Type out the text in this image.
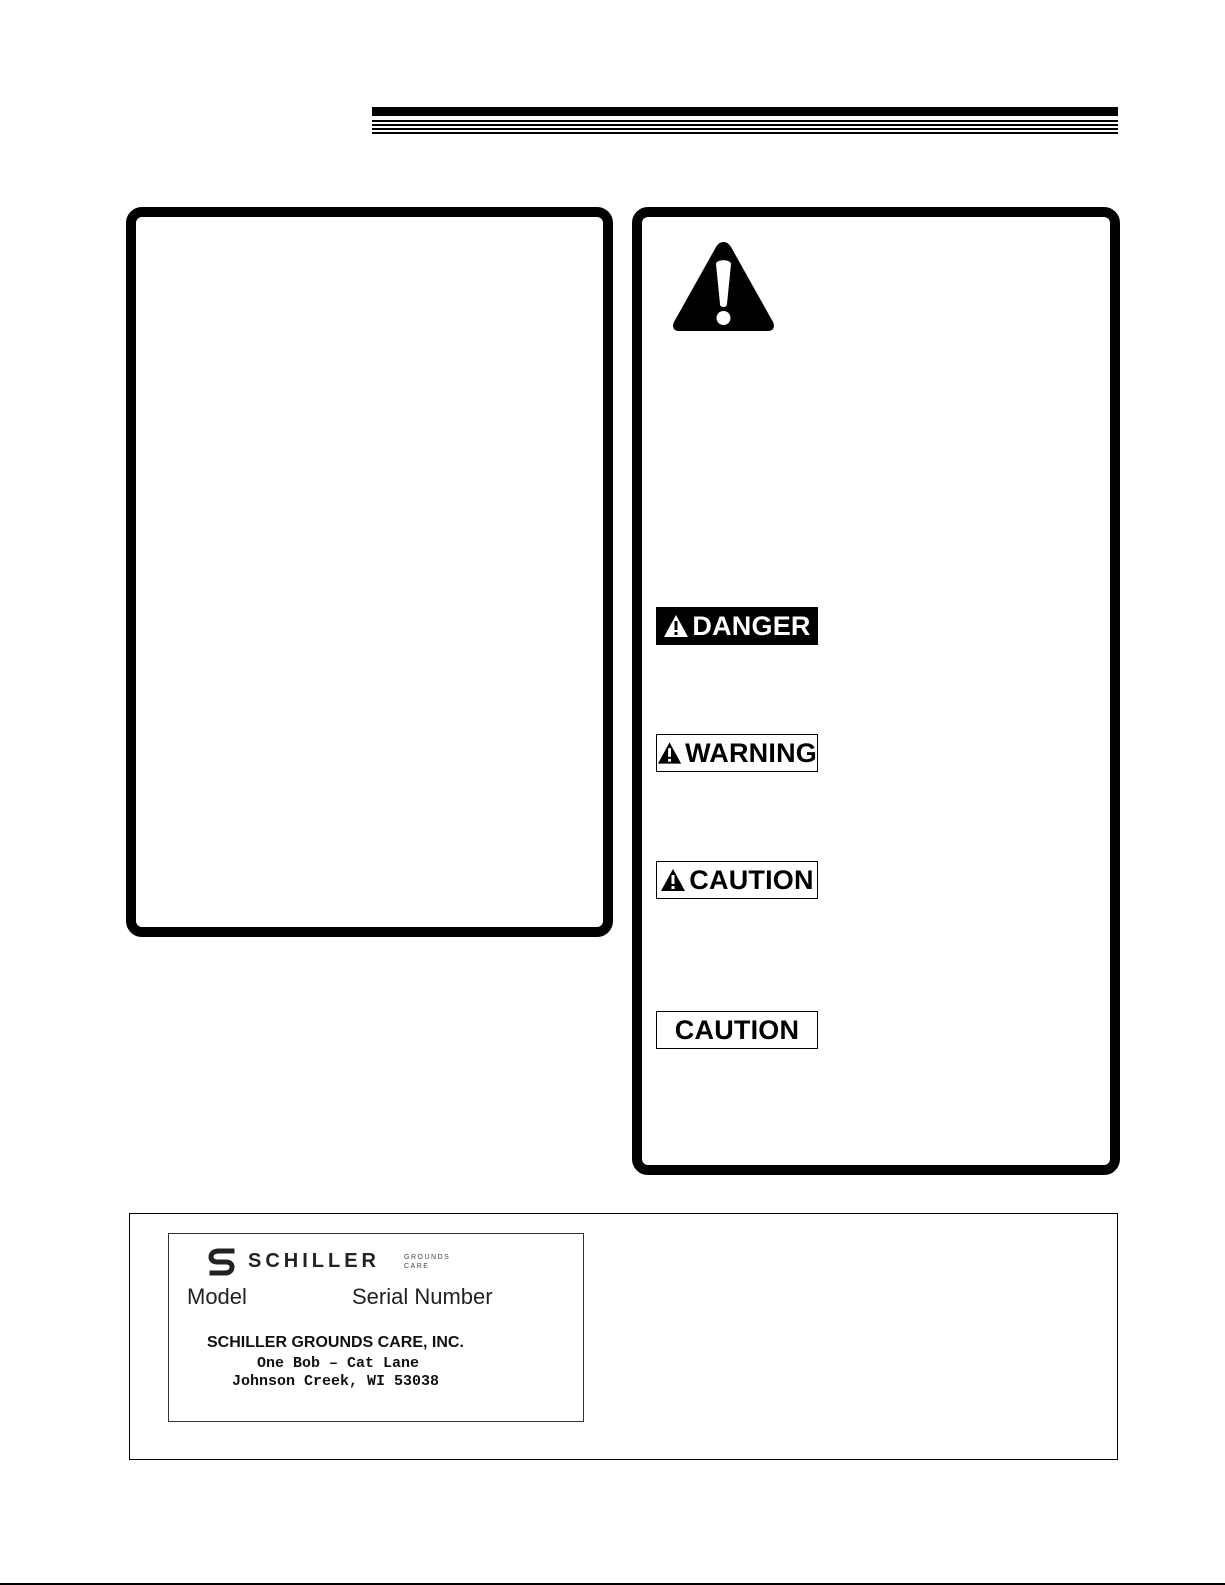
DANGER
WARNING
CAUTION
CAUTION
SCHILLER	GROUNDS
CARE
Model	Serial Number
SCHILLER GROUNDS CARE, INC.
One Bob – Cat Lane
Johnson Creek, WI 53038
